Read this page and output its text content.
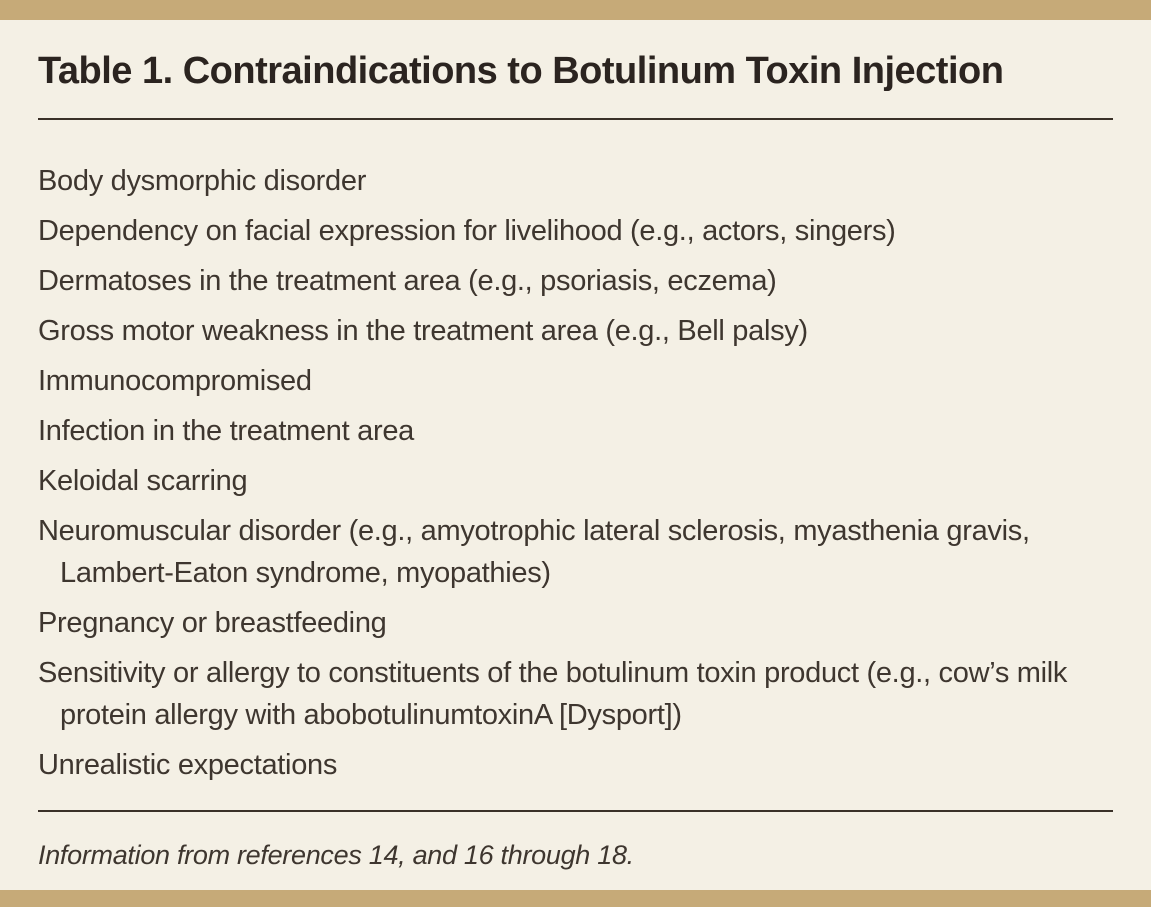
Table 1. Contraindications to Botulinum Toxin Injection
Body dysmorphic disorder
Dependency on facial expression for livelihood (e.g., actors, singers)
Dermatoses in the treatment area (e.g., psoriasis, eczema)
Gross motor weakness in the treatment area (e.g., Bell palsy)
Immunocompromised
Infection in the treatment area
Keloidal scarring
Neuromuscular disorder (e.g., amyotrophic lateral sclerosis, myasthenia gravis, Lambert-Eaton syndrome, myopathies)
Pregnancy or breastfeeding
Sensitivity or allergy to constituents of the botulinum toxin product (e.g., cow’s milk protein allergy with abobotulinumtoxinA [Dysport])
Unrealistic expectations

Information from references 14, and 16 through 18.
